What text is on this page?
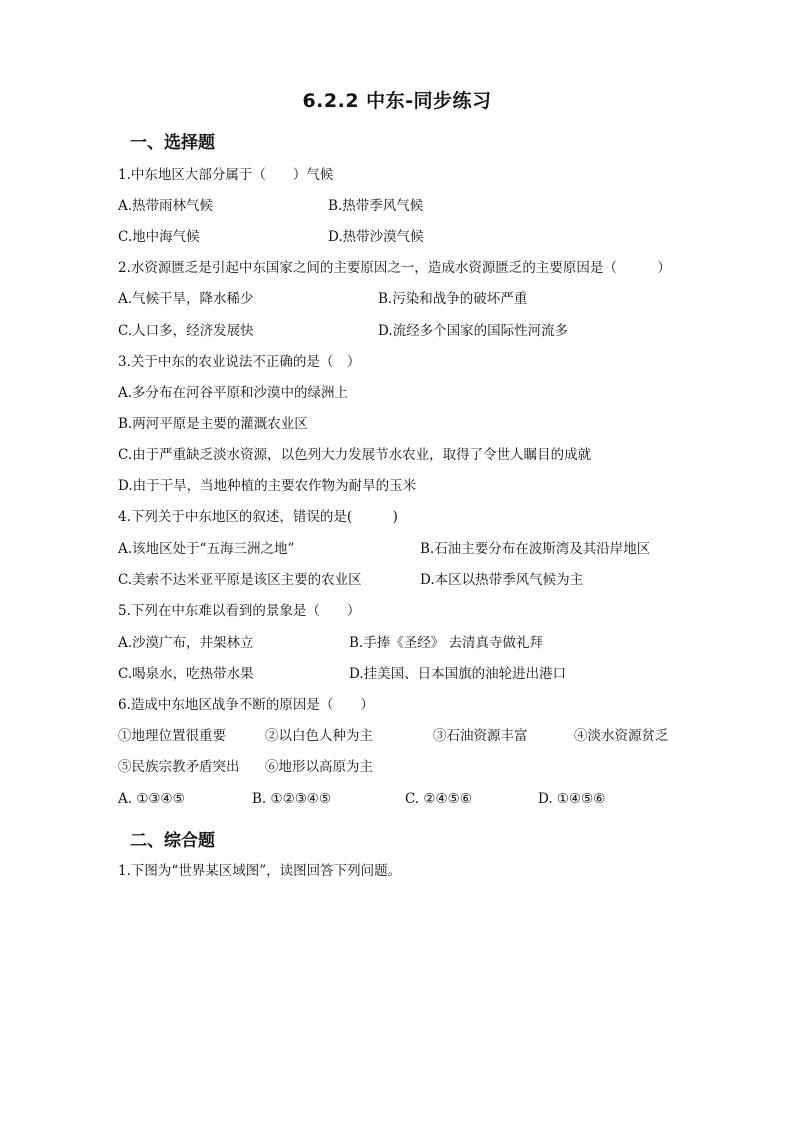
6.2.2 中东-同步练习
一、选择题
1.中东地区大部分属于（　　）气候
A.热带雨林气候	B.热带季风气候
C.地中海气候	D.热带沙漠气候
2.水资源匮乏是引起中东国家之间的主要原因之一，造成水资源匮乏的主要原因是（　　　）
A.气候干旱，降水稀少	B.污染和战争的破坏严重
C.人口多，经济发展快	D.流经多个国家的国际性河流多
3.关于中东的农业说法不正确的是（　）
A.多分布在河谷平原和沙漠中的绿洲上
B.两河平原是主要的灌溉农业区
C.由于严重缺乏淡水资源，以色列大力发展节水农业，取得了令世人瞩目的成就
D.由于干旱，当地种植的主要农作物为耐旱的玉米
4.下列关于中东地区的叙述，错误的是(　　　)
A.该地区处于“五海三洲之地”	B.石油主要分布在波斯湾及其沿岸地区
C.美索不达米亚平原是该区主要的农业区	D.本区以热带季风气候为主
5.下列在中东难以看到的景象是（　　）
A.沙漠广布，井架林立	B.手捧《圣经》 去清真寺做礼拜
C.喝泉水，吃热带水果	D.挂美国、日本国旗的油轮进出港口
6.造成中东地区战争不断的原因是（　　）
①地理位置很重要	②以白色人种为主	③石油资源丰富	④淡水资源贫乏
⑤民族宗教矛盾突出 ⑥地形以高原为主
A. ①③④⑤	B. ①②③④⑤	C. ②④⑤⑥	D. ①④⑤⑥
二、综合题
1.下图为“世界某区域图”，读图回答下列问题。
